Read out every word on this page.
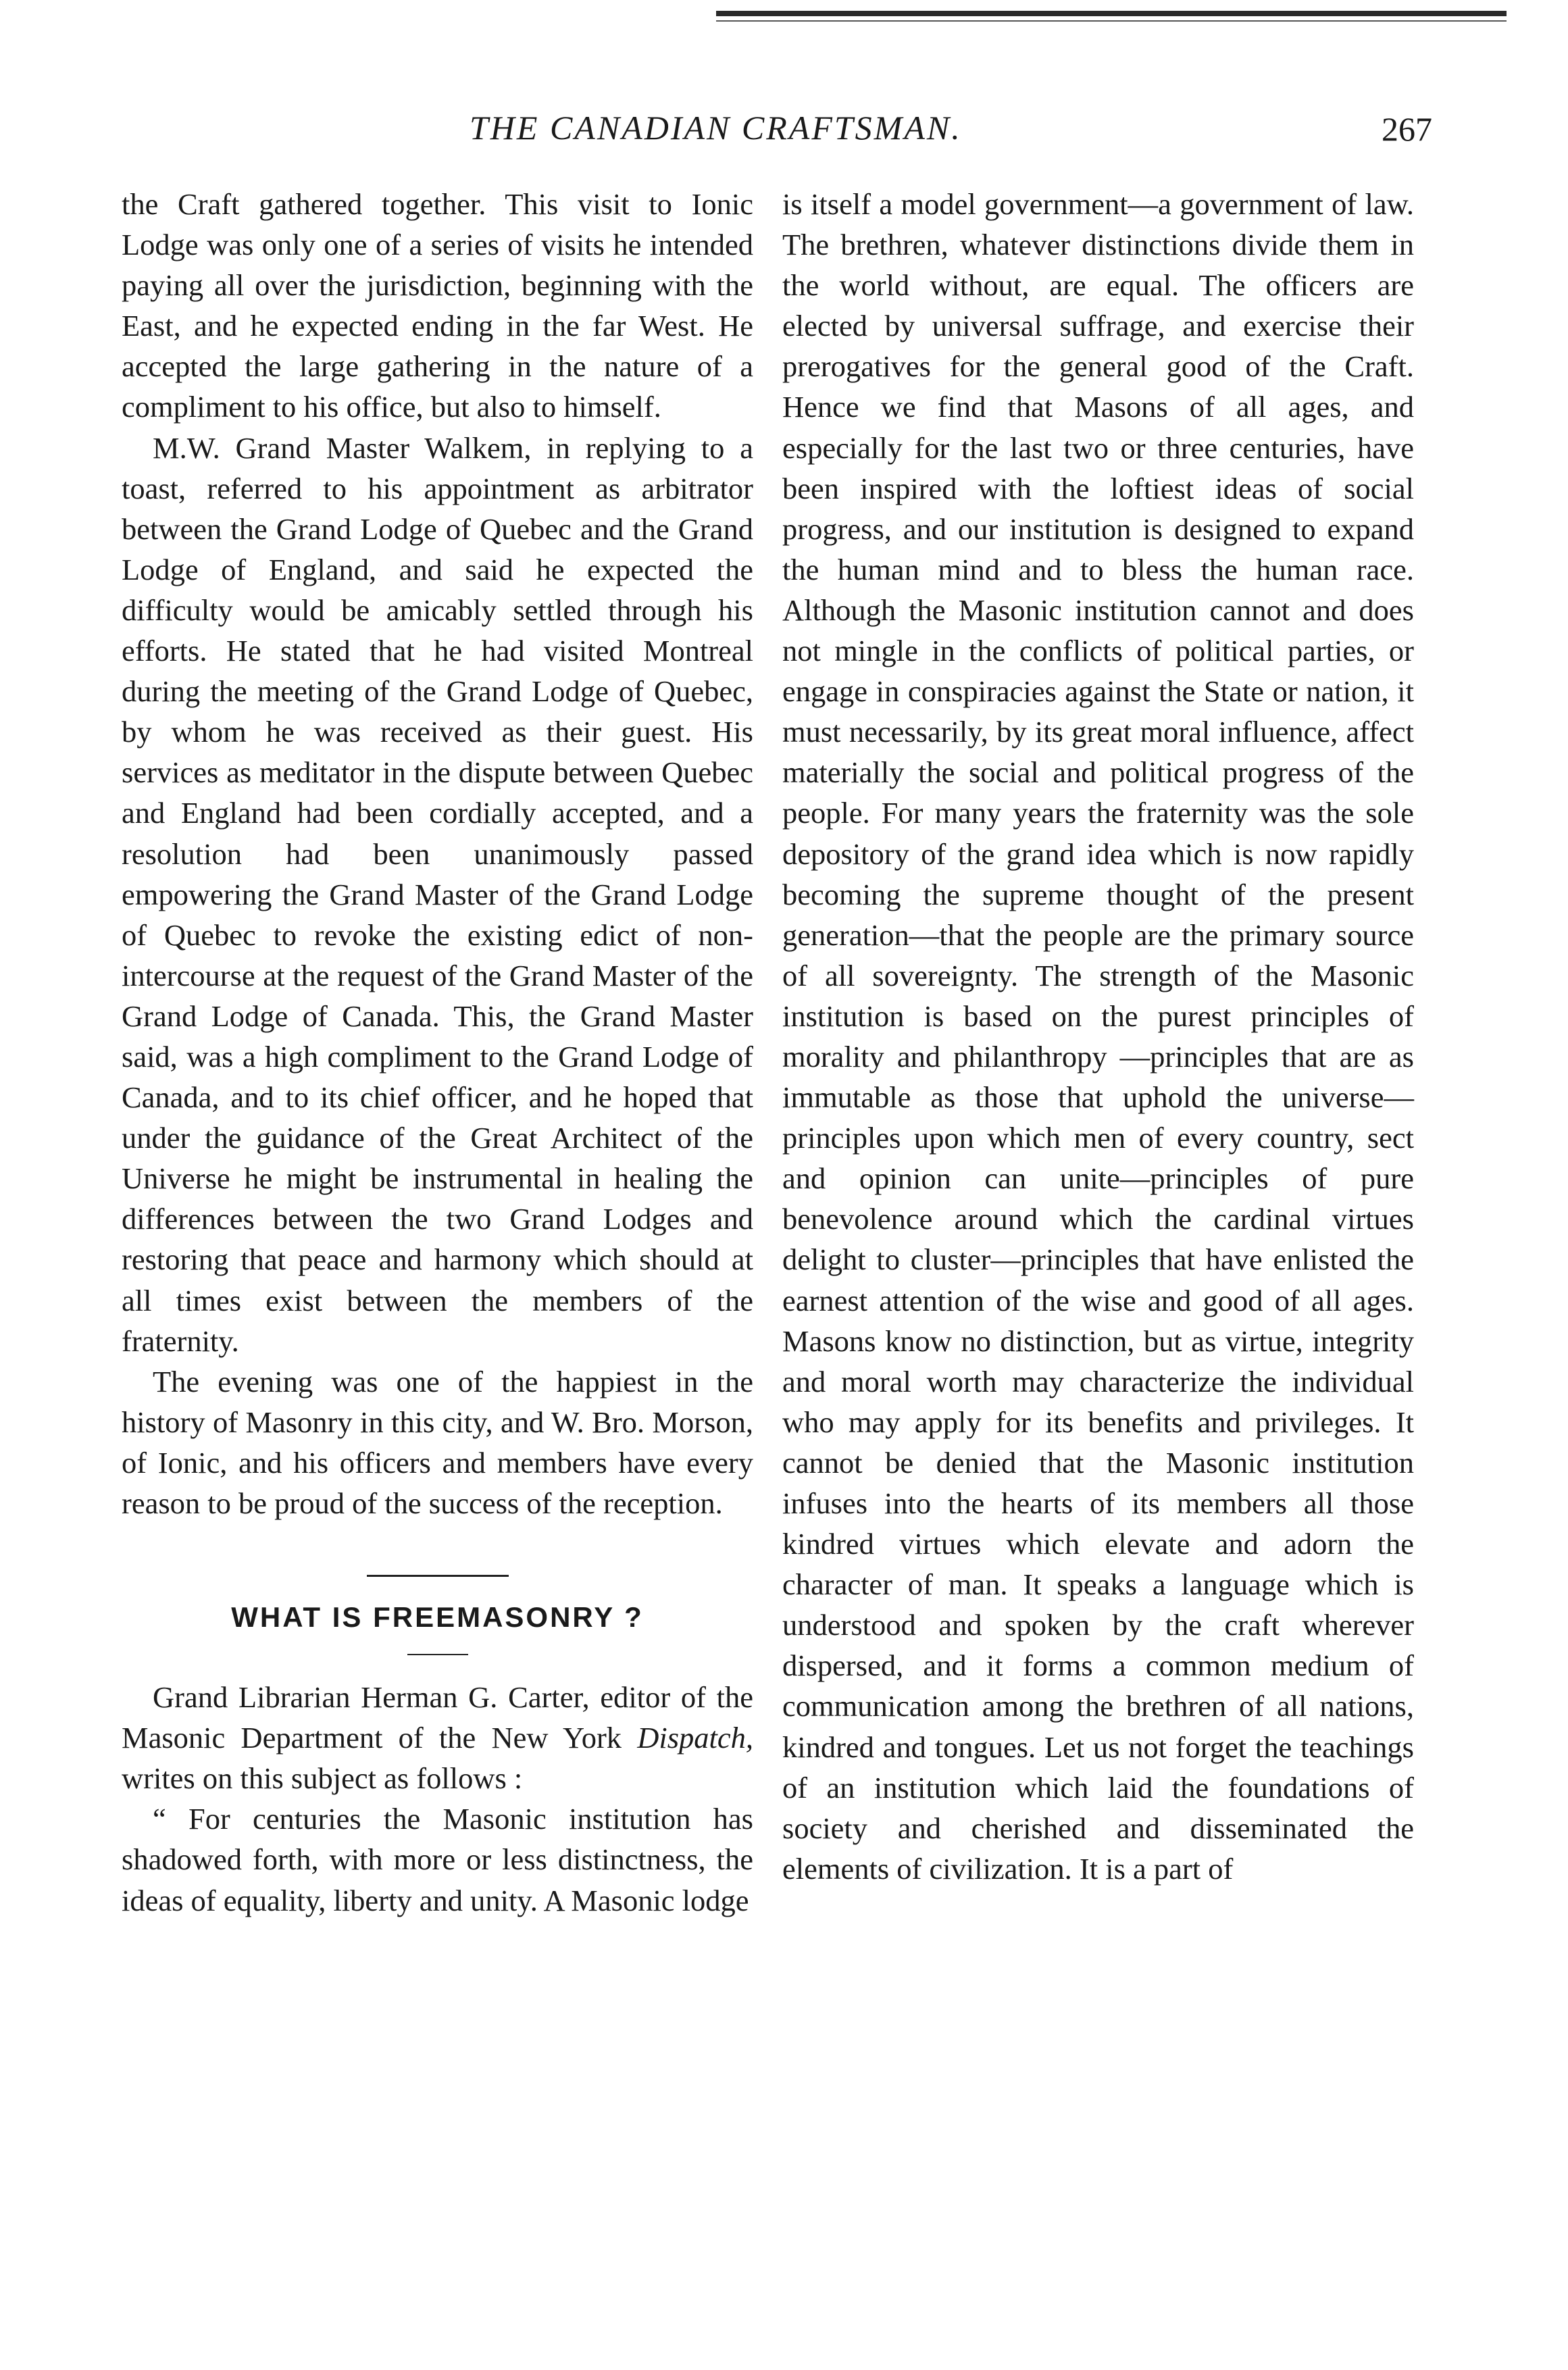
THE CANADIAN CRAFTSMAN.	267

the Craft gathered together. This visit to Ionic Lodge was only one of a series of visits he intended paying all over the jurisdiction, beginning with the East, and he expected ending in the far West. He accepted the large gathering in the nature of a compliment to his office, but also to himself.

M.W. Grand Master Walkem, in replying to a toast, referred to his appointment as arbitrator between the Grand Lodge of Quebec and the Grand Lodge of England, and said he expected the difficulty would be amicably settled through his efforts. He stated that he had visited Montreal during the meeting of the Grand Lodge of Quebec, by whom he was received as their guest. His services as meditator in the dispute between Quebec and England had been cordially accepted, and a resolution had been unanimously passed empowering the Grand Master of the Grand Lodge of Quebec to revoke the existing edict of non-intercourse at the request of the Grand Master of the Grand Lodge of Canada. This, the Grand Master said, was a high compliment to the Grand Lodge of Canada, and to its chief officer, and he hoped that under the guidance of the Great Architect of the Universe he might be instrumental in healing the differences between the two Grand Lodges and restoring that peace and harmony which should at all times exist between the members of the fraternity.

The evening was one of the happiest in the history of Masonry in this city, and W. Bro. Morson, of Ionic, and his officers and members have every reason to be proud of the success of the reception.

WHAT IS FREEMASONRY ?

Grand Librarian Herman G. Carter, editor of the Masonic Department of the New York Dispatch, writes on this subject as follows :

“ For centuries the Masonic institution has shadowed forth, with more or less distinctness, the ideas of equality, liberty and unity. A Masonic lodge

is itself a model government—a government of law. The brethren, whatever distinctions divide them in the world without, are equal. The officers are elected by universal suffrage, and exercise their prerogatives for the general good of the Craft. Hence we find that Masons of all ages, and especially for the last two or three centuries, have been inspired with the loftiest ideas of social progress, and our institution is designed to expand the human mind and to bless the human race. Although the Masonic institution cannot and does not mingle in the conflicts of political parties, or engage in conspiracies against the State or nation, it must necessarily, by its great moral influence, affect materially the social and political progress of the people. For many years the fraternity was the sole depository of the grand idea which is now rapidly becoming the supreme thought of the present generation—that the people are the primary source of all sovereignty. The strength of the Masonic institution is based on the purest principles of morality and philanthropy —principles that are as immutable as those that uphold the universe—principles upon which men of every country, sect and opinion can unite—principles of pure benevolence around which the cardinal virtues delight to cluster—principles that have enlisted the earnest attention of the wise and good of all ages. Masons know no distinction, but as virtue, integrity and moral worth may characterize the individual who may apply for its benefits and privileges. It cannot be denied that the Masonic institution infuses into the hearts of its members all those kindred virtues which elevate and adorn the character of man. It speaks a language which is understood and spoken by the craft wherever dispersed, and it forms a common medium of communication among the brethren of all nations, kindred and tongues. Let us not forget the teachings of an institution which laid the foundations of society and cherished and disseminated the elements of civilization. It is a part of
